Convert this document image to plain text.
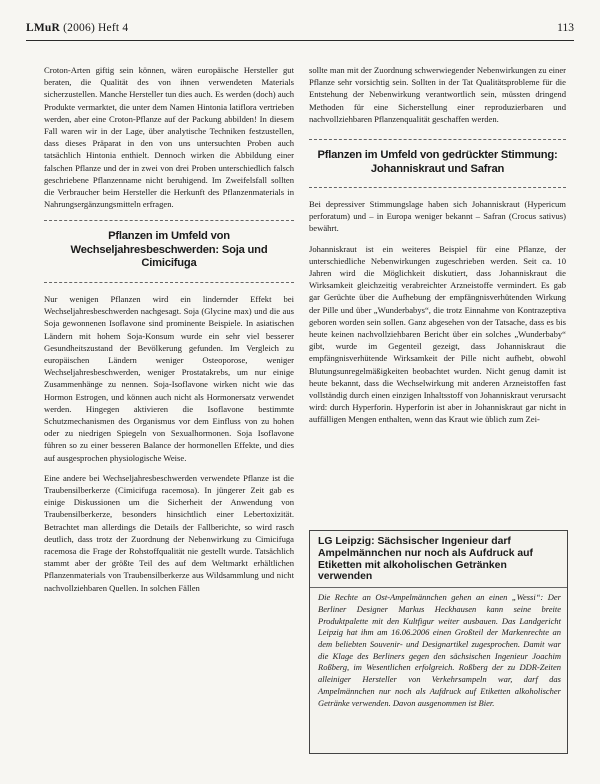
LMuR (2006) Heft 4	113

Croton-Arten giftig sein können, wären europäische Hersteller gut beraten, die Qualität des von ihnen verwendeten Materials sicherzustellen. Manche Hersteller tun dies auch. Es werden (doch) auch Produkte vermarktet, die unter dem Namen Hintonia latiflora vertrieben werden, aber eine Croton-Pflanze auf der Packung abbilden! In diesem Fall waren wir in der Lage, über analytische Techniken festzustellen, dass dieses Präparat in den von uns untersuchten Proben auch tatsächlich Hintonia enthielt. Dennoch wirken die Abbildung einer falschen Pflanze und der in zwei von drei Proben unterschiedlich falsch geschriebene Pflanzenname nicht beruhigend. Im Zweifelsfall sollten die Verbraucher beim Hersteller die Herkunft des Pflanzenmaterials in Nahrungsergänzungsmitteln erfragen.

Pflanzen im Umfeld von Wechseljahresbeschwerden: Soja und Cimicifuga

Nur wenigen Pflanzen wird ein lindernder Effekt bei Wechseljahresbeschwerden nachgesagt. Soja (Glycine max) und die aus Soja gewonnenen Isoflavone sind prominente Beispiele. In asiatischen Ländern mit hohem Soja-Konsum wurde ein sehr viel besserer Gesundheitszustand der Bevölkerung gefunden. Im Vergleich zu europäischen Ländern weniger Osteoporose, weniger Wechseljahresbeschwerden, weniger Prostatakrebs, um nur einige Zusammenhänge zu nennen. Soja-Isoflavone wirken nicht wie das Hormon Estrogen, und können auch nicht als Hormonersatz verwendet werden. Hingegen aktivieren die Isoflavone bestimmte Schutzmechanismen des Organismus vor dem Einfluss von zu hohen oder zu niedrigen Spiegeln von Sexualhormonen. Soja Isoflavone führen so zu einer besseren Balance der hormonellen Effekte, und dies auf ausgesprochen physiologische Weise.

Eine andere bei Wechseljahresbeschwerden verwendete Pflanze ist die Traubensilberkerze (Cimicifuga racemosa). In jüngerer Zeit gab es einige Diskussionen um die Sicherheit der Anwendung von Traubensilberkerze, besonders hinsichtlich einer Lebertoxizität. Betrachtet man allerdings die Details der Fallberichte, so wird rasch deutlich, dass trotz der Zuordnung der Nebenwirkung zu Cimicifuga racemosa die Frage der Rohstoffqualität nie gestellt wurde. Tatsächlich stammt aber der größte Teil des auf dem Weltmarkt erhältlichen Pflanzenmaterials von Traubensilberkerze aus Wildsammlung und nicht nachvollziehbaren Quellen. In solchen Fällen

sollte man mit der Zuordnung schwerwiegender Nebenwirkungen zu einer Pflanze sehr vorsichtig sein. Sollten in der Tat Qualitätsprobleme für die Entstehung der Nebenwirkung verantwortlich sein, müssten dringend Methoden für eine Sicherstellung einer reproduzierbaren und nachvollziehbaren Pflanzenqualität geschaffen werden.

Pflanzen im Umfeld von gedrückter Stimmung: Johanniskraut und Safran

Bei depressiver Stimmungslage haben sich Johanniskraut (Hypericum perforatum) und – in Europa weniger bekannt – Safran (Crocus sativus) bewährt.

Johanniskraut ist ein weiteres Beispiel für eine Pflanze, der unterschiedliche Nebenwirkungen zugeschrieben werden. Seit ca. 10 Jahren wird die Möglichkeit diskutiert, dass Johanniskraut die Wirksamkeit gleichzeitig verabreichter Arzneistoffe vermindert. Es gab gar Gerüchte über die Aufhebung der empfängnisverhütenden Wirkung der Pille und über „Wunderbabys“, die trotz Einnahme von Kontrazeptiva geboren worden sein sollen. Ganz abgesehen von der Tatsache, dass es bis heute keinen nachvollziehbaren Bericht über ein solches „Wunderbaby“ gibt, wurde im Gegenteil gezeigt, dass Johanniskraut die empfängnisverhütende Wirksamkeit der Pille nicht aufhebt, obwohl Blutungsunregelmäßigkeiten beobachtet wurden. Nicht genug damit ist heute bekannt, dass die Wechselwirkung mit anderen Arzneistoffen fast vollständig durch einen einzigen Inhaltsstoff von Johanniskraut verursacht wird: durch Hyperforin. Hyperforin ist aber in Johanniskraut gar nicht in auffälligen Mengen enthalten, wenn das Kraut wie üblich zum Zei-

LG Leipzig: Sächsischer Ingenieur darf Ampelmännchen nur noch als Aufdruck auf Etiketten mit alkoholischen Getränken verwenden
Die Rechte an Ost-Ampelmännchen gehen an einen „Wessi“: Der Berliner Designer Markus Heckhausen kann seine breite Produktpalette mit den Kultfigur weiter ausbauen. Das Landgericht Leipzig hat ihm am 16.06.2006 einen Großteil der Markenrechte an dem beliebten Souvenir- und Designartikel zugesprochen. Damit war die Klage des Berliners gegen den sächsischen Ingenieur Joachim Roßberg, im Wesentlichen erfolgreich. Roßberg der zu DDR-Zeiten alleiniger Hersteller von Verkehrsampeln war, darf das Ampelmännchen nur noch als Aufdruck auf Etiketten alkoholischer Getränke verwenden. Davon ausgenommen ist Bier.
